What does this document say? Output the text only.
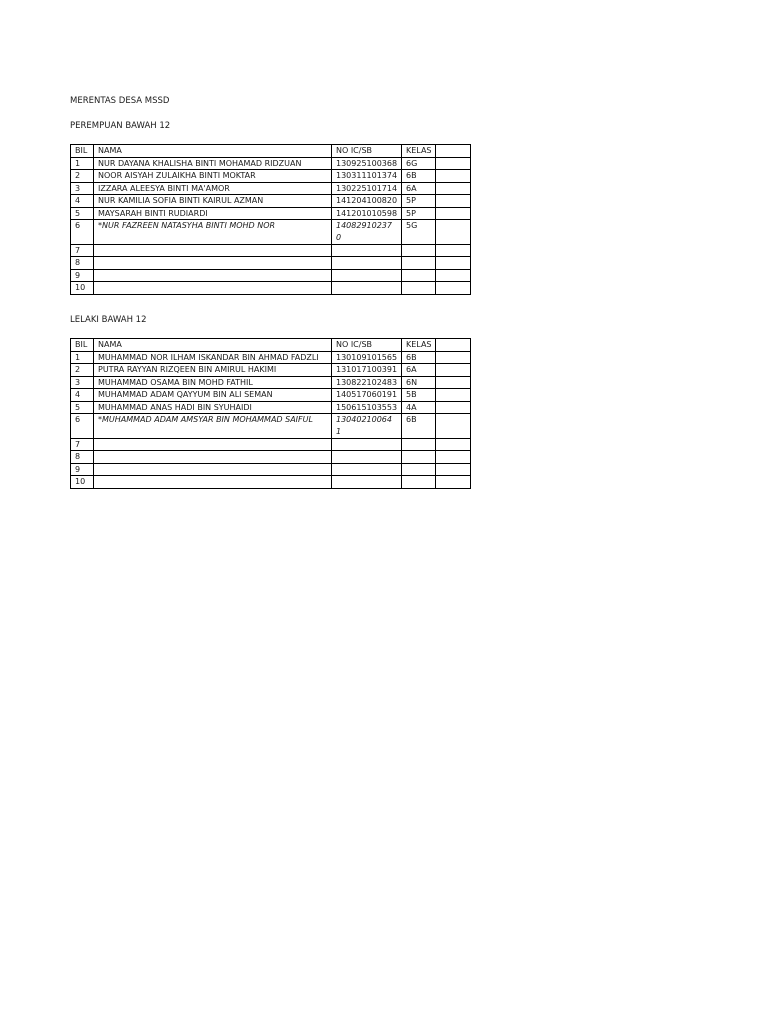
MERENTAS DESA MSSD
PEREMPUAN BAWAH 12
BIL	NAMA	NO IC/SB	KELAS	
1	NUR DAYANA KHALISHA BINTI MOHAMAD RIDZUAN	130925100368	6G	
2	NOOR AISYAH ZULAIKHA BINTI MOKTAR	130311101374	6B	
3	IZZARA ALEESYA BINTI MA'AMOR	130225101714	6A	
4	NUR KAMILIA SOFIA BINTI KAIRUL AZMAN	141204100820	5P	
5	MAYSARAH BINTI RUDIARDI	141201010598	5P	
6	*NUR FAZREEN NATASYHA BINTI MOHD NOR	140829102370	5G	
7				
8				
9				
10				
LELAKI BAWAH 12
BIL	NAMA	NO IC/SB	KELAS	
1	MUHAMMAD NOR ILHAM ISKANDAR BIN AHMAD FADZLI	130109101565	6B	
2	PUTRA RAYYAN RIZQEEN BIN AMIRUL HAKIMI	131017100391	6A	
3	MUHAMMAD OSAMA BIN MOHD FATHIL	130822102483	6N	
4	MUHAMMAD ADAM QAYYUM BIN ALI SEMAN	140517060191	5B	
5	MUHAMMAD ANAS HADI BIN SYUHAIDI	150615103553	4A	
6	*MUHAMMAD ADAM AMSYAR BIN MOHAMMAD SAIFUL	130402100641	6B	
7				
8				
9				
10				
